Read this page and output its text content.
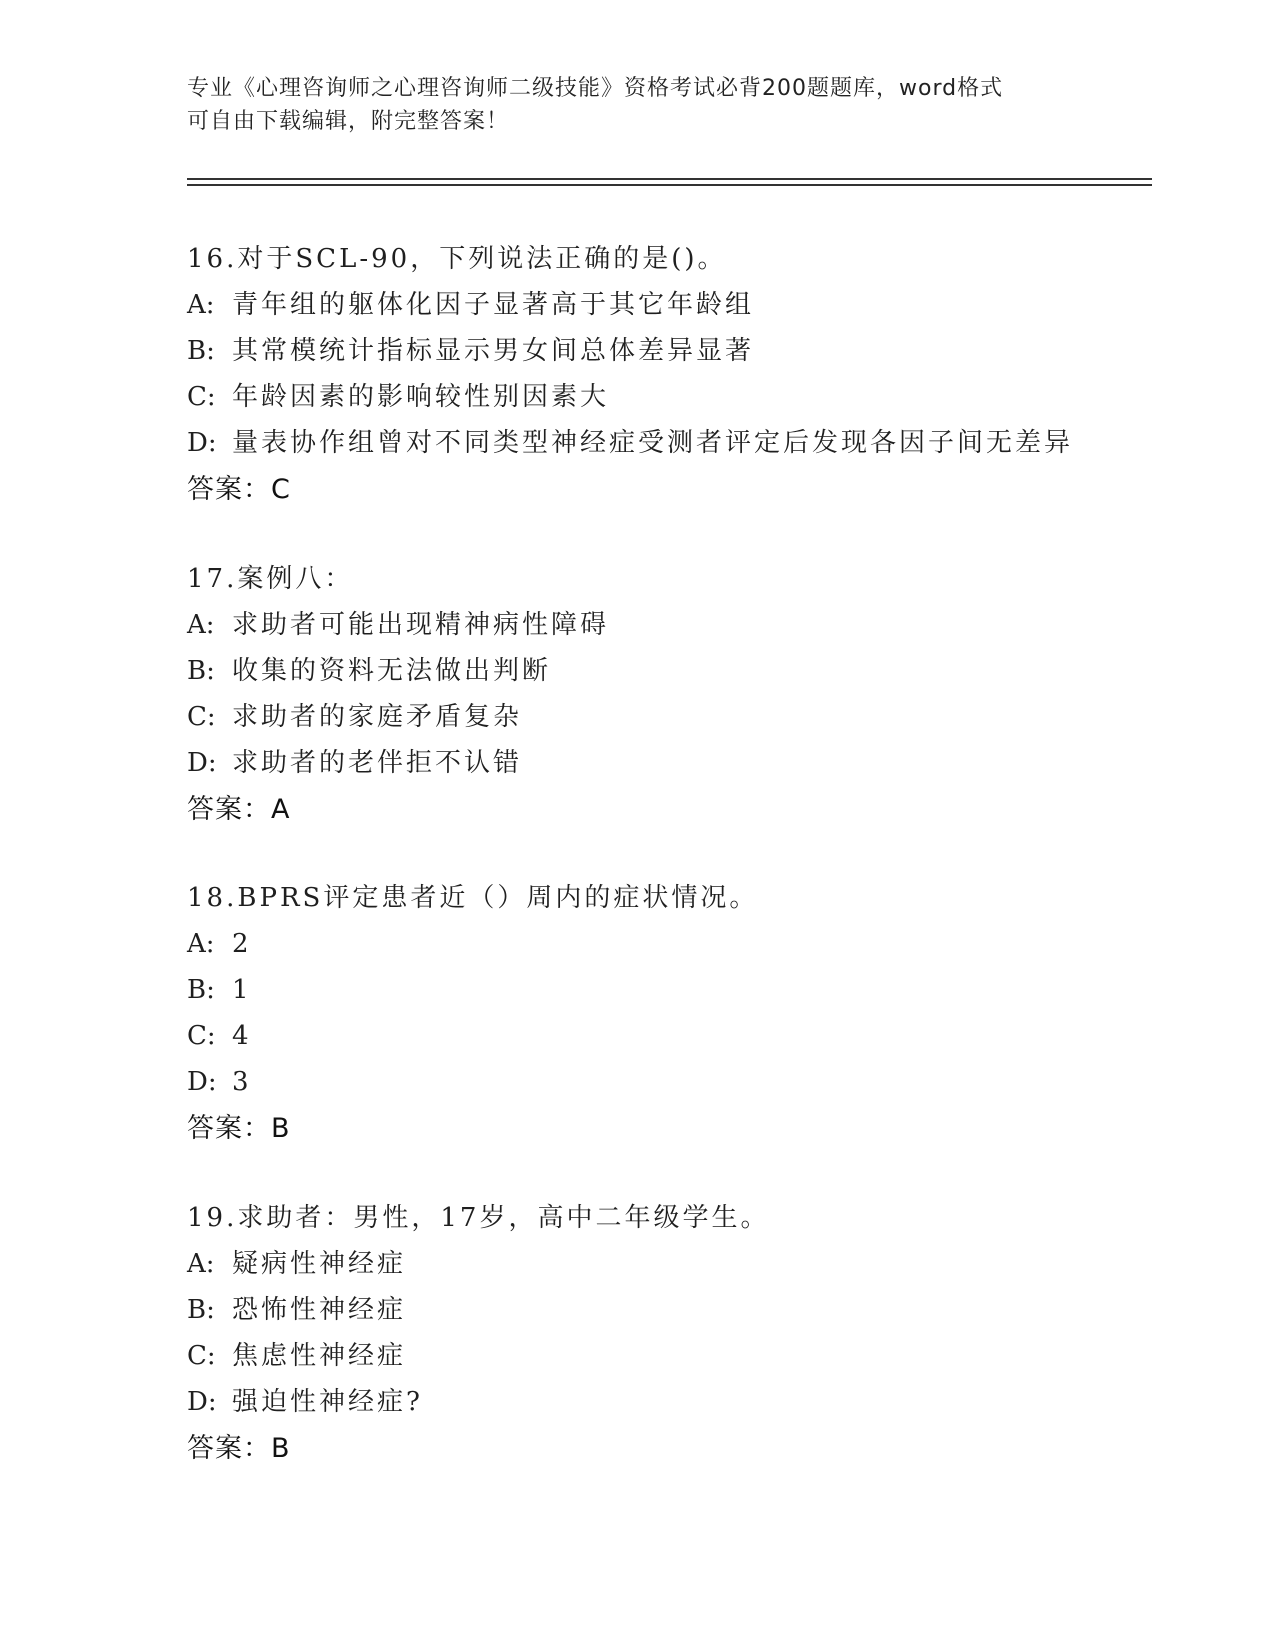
专业《心理咨询师之心理咨询师二级技能》资格考试必背200题题库，word格式
可自由下载编辑，附完整答案！
16.对于SCL-90，下列说法正确的是()。
A: 青年组的躯体化因子显著高于其它年龄组
B: 其常模统计指标显示男女间总体差异显著
C: 年龄因素的影响较性别因素大
D: 量表协作组曾对不同类型神经症受测者评定后发现各因子间无差异
答案：C
17.案例八：
A: 求助者可能出现精神病性障碍
B: 收集的资料无法做出判断
C: 求助者的家庭矛盾复杂
D: 求助者的老伴拒不认错
答案：A
18.BPRS评定患者近（）周内的症状情况。
A: 2
B: 1
C: 4
D: 3
答案：B
19.求助者：男性，17岁，高中二年级学生。
A: 疑病性神经症
B: 恐怖性神经症
C: 焦虑性神经症
D: 强迫性神经症?
答案：B
